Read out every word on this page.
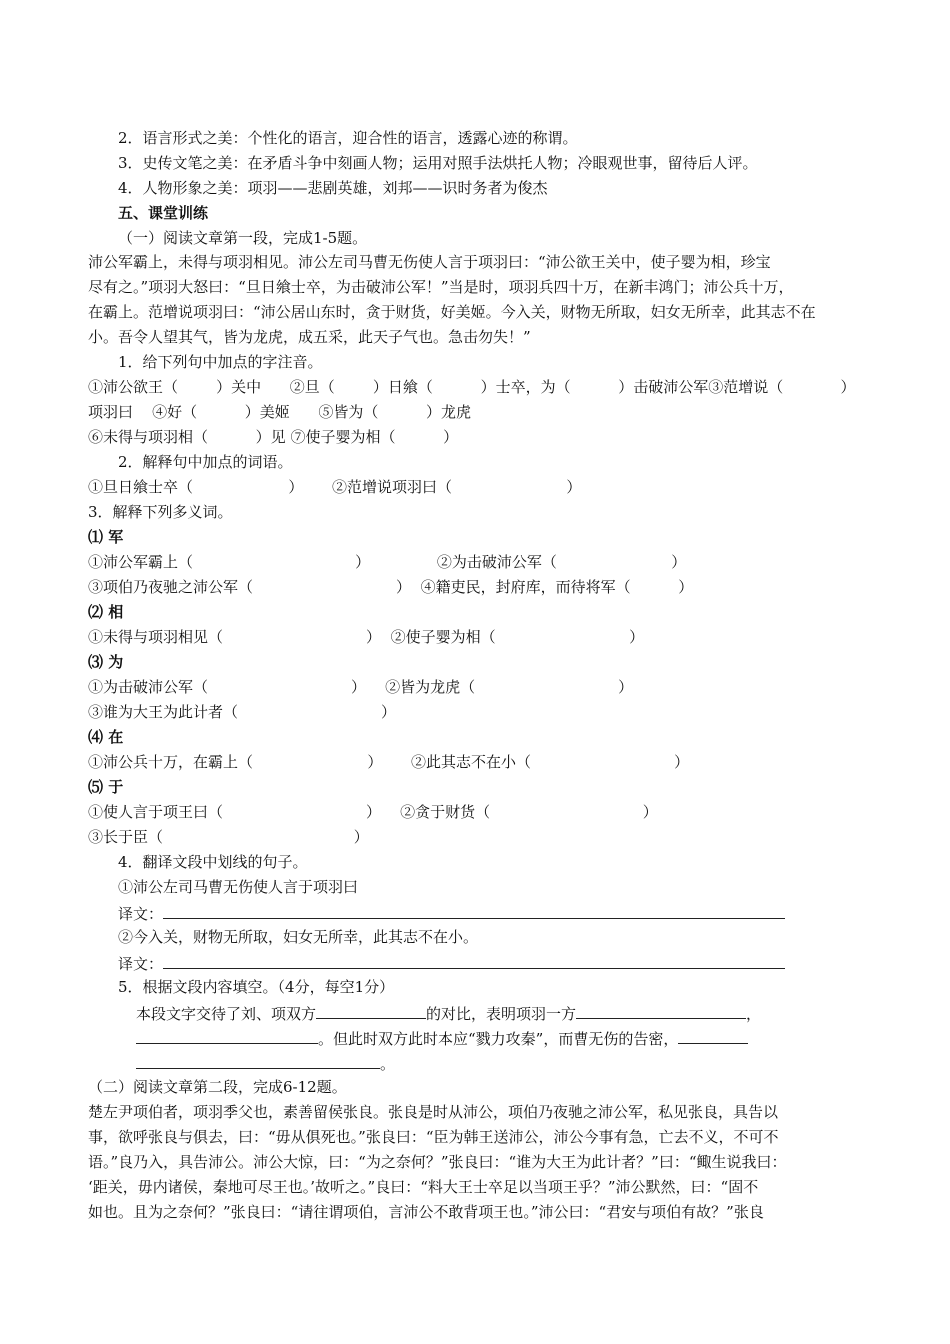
2．语言形式之美：个性化的语言，迎合性的语言，透露心迹的称谓。
3．史传文笔之美：在矛盾斗争中刻画人物；运用对照手法烘托人物；冷眼观世事，留待后人评。
4．人物形象之美：项羽——悲剧英雄，刘邦——识时务者为俊杰
五、课堂训练
（一）阅读文章第一段，完成1-5题。
沛公军霸上，未得与项羽相见。沛公左司马曹无伤使人言于项羽曰：“沛公欲王关中，使子婴为相，珍宝
尽有之。”项羽大怒曰：“旦日飨士卒，为击破沛公军！”当是时，项羽兵四十万，在新丰鸿门；沛公兵十万，
在霸上。范增说项羽曰：“沛公居山东时，贪于财货，好美姬。今入关，财物无所取，妇女无所幸，此其志不在
小。吾令人望其气，皆为龙虎，成五采，此天子气也。急击勿失！”
1．给下列句中加点的字注音。
①沛公欲王（        ）关中      ②旦（        ）日飨（          ）士卒，为（          ）击破沛公军③范增说（            ）
项羽曰    ④好（          ）美姬      ⑤皆为（          ）龙虎
⑥未得与项羽相（          ）见 ⑦使子婴为相（          ）
2．解释句中加点的词语。
①旦日飨士卒（                    ）      ②范增说项羽曰（                        ）
3．解释下列多义词。
⑴ 军
①沛公军霸上（                                  ）              ②为击破沛公军（                        ）
③项伯乃夜驰之沛公军（                              ）  ④籍吏民，封府库，而待将军（          ）
⑵ 相
①未得与项羽相见（                              ）  ②使子婴为相（                            ）
⑶ 为
①为击破沛公军（                              ）    ②皆为龙虎（                              ）
③谁为大王为此计者（                              ）
⑷ 在
①沛公兵十万，在霸上（                        ）      ②此其志不在小（                              ）
⑸ 于
①使人言于项王曰（                              ）    ②贪于财货（                                ）
③长于臣（                                        ）
4．翻译文段中划线的句子。
①沛公左司马曹无伤使人言于项羽曰
译文：
②今入关，财物无所取，妇女无所幸，此其志不在小。
译文：
5．根据文段内容填空。（4分，每空1分）
本段文字交待了刘、项双方	的对比，表明项羽一方	，
。但此时双方此时本应“戮力攻秦”，而曹无伤的告密，
。
（二）阅读文章第二段，完成6-12题。
楚左尹项伯者，项羽季父也，素善留侯张良。张良是时从沛公，项伯乃夜驰之沛公军，私见张良，具告以
事，欲呼张良与俱去，曰：“毋从俱死也。”张良曰：“臣为韩王送沛公，沛公今事有急，亡去不义，不可不
语。”良乃入，具告沛公。沛公大惊，曰：“为之奈何？”张良曰：“谁为大王为此计者？”曰：“鲰生说我曰：
‘距关，毋内诸侯，秦地可尽王也。’故听之。”良曰：“料大王士卒足以当项王乎？”沛公默然，曰：“固不
如也。且为之奈何？”张良曰：“请往谓项伯，言沛公不敢背项王也。”沛公曰：“君安与项伯有故？”张良
